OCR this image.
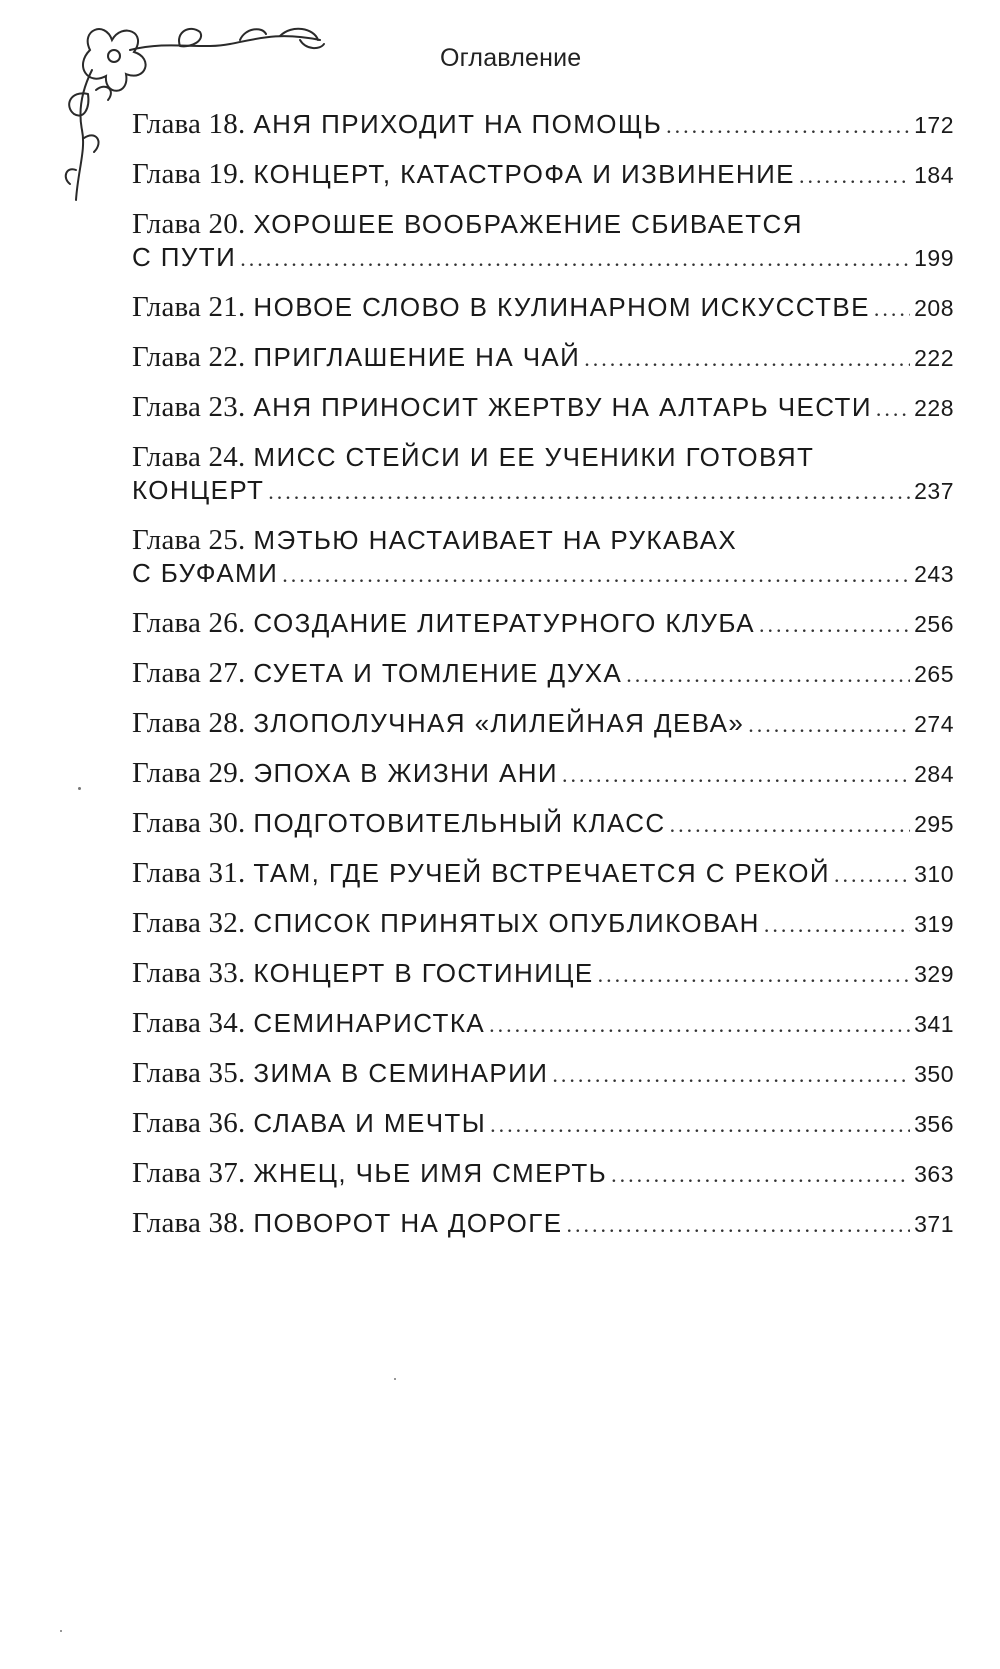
Оглавление
Глава 18. АНЯ ПРИХОДИТ НА ПОМОЩЬ .....	172
Глава 19. КОНЦЕРТ, КАТАСТРОФА И ИЗВИНЕНИЕ .....	184
Глава 20. ХОРОШЕЕ ВООБРАЖЕНИЕ СБИВАЕТСЯ
С ПУТИ .....	199
Глава 21. НОВОЕ СЛОВО В КУЛИНАРНОМ ИСКУССТВЕ ..... 208
Глава 22. ПРИГЛАШЕНИЕ НА ЧАЙ .....	222
Глава 23. АНЯ ПРИНОСИТ ЖЕРТВУ НА АЛТАРЬ ЧЕСТИ ..... 228
Глава 24. МИСС СТЕЙСИ И ЕЕ УЧЕНИКИ ГОТОВЯТ
КОНЦЕРТ .....	237
Глава 25. МЭТЬЮ НАСТАИВАЕТ НА РУКАВАХ
С БУФАМИ .....	243
Глава 26. СОЗДАНИЕ ЛИТЕРАТУРНОГО КЛУБА .....	256
Глава 27. СУЕТА И ТОМЛЕНИЕ ДУХА .....	265
Глава 28. ЗЛОПОЛУЧНАЯ «ЛИЛЕЙНАЯ ДЕВА» .....	274
Глава 29. ЭПОХА В ЖИЗНИ АНИ .....	284
Глава 30. ПОДГОТОВИТЕЛЬНЫЙ КЛАСС .....	295
Глава 31. ТАМ, ГДЕ РУЧЕЙ ВСТРЕЧАЕТСЯ С РЕКОЙ .....	310
Глава 32. СПИСОК ПРИНЯТЫХ ОПУБЛИКОВАН .....	319
Глава 33. КОНЦЕРТ В ГОСТИНИЦЕ .....	329
Глава 34. СЕМИНАРИСТКА .....	341
Глава 35. ЗИМА В СЕМИНАРИИ .....	350
Глава 36. СЛАВА И МЕЧТЫ .....	356
Глава 37. ЖНЕЦ, ЧЬЕ ИМЯ СМЕРТЬ .....	363
Глава 38. ПОВОРОТ НА ДОРОГЕ .....	371
